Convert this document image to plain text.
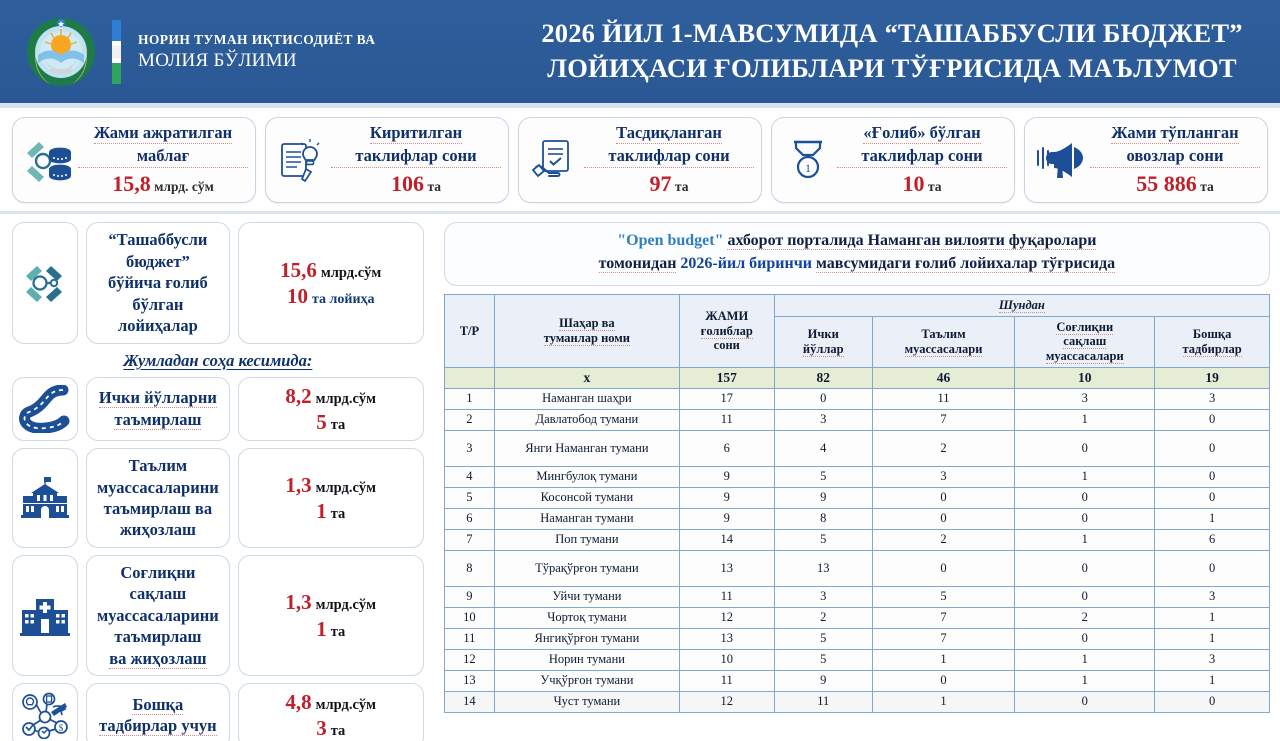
НОРИН ТУМАН ИҚТИСОДИЁТ ВА
МОЛИЯ БЎЛИМИ
2026 ЙИЛ 1-МАВСУМИДА “ТАШАББУСЛИ БЮДЖЕТ”
ЛОЙИҲАСИ ҒОЛИБЛАРИ ТЎҒРИСИДА МАЪЛУМОТ
Жами ажратилган
маблағ
15,8 млрд. сўм
Киритилган
таклифлар сони
106 та
Тасдиқланган
таклифлар сони
97 та
1
«Ғолиб» бўлган
таклифлар сони
10 та
Жами тўпланган
овозлар сони
55 886 та
“Ташаббусли бюджет”
бўйича ғолиб бўлган лойиҳалар
15,6 млрд.сўм
10 та лойиҳа
Жумладан соҳа кесимида:
Ички йўлларни таъмирлаш
8,2 млрд.сўм
5 та
Таълим муассасаларини
таъмирлаш ва жиҳозлаш
1,3 млрд.сўм
1 та
Соғлиқни сақлаш
муассасаларини таъмирлаш
ва жиҳозлаш
1,3 млрд.сўм
1 та
$
Бошқа тадбирлар учун
4,8 млрд.сўм
3 та
"Open budget" ахборот порталида Наманган вилояти фуқаролари
томонидан 2026-йил биринчи мавсумидаги ғолиб лойихалар тўғрисида
Т/Р	Шаҳар ва
туманлар номи	ЖАМИ
ғолиблар
сони	Шундан			
			Ички
йўллар	Таълим
муассасалари	Соғлиқни
сақлаш
муассасалари	Бошқа
тадбирлар
	x	157	82	46	10	19
1	Наманган шаҳри	17	0	11	3	3
2	Давлатобод тумани	11	3	7	1	0
3	Янги Наманган тумани	6	4	2	0	0
4	Мингбулоқ тумани	9	5	3	1	0
5	Косонсой тумани	9	9	0	0	0
6	Наманган тумани	9	8	0	0	1
7	Поп тумани	14	5	2	1	6
8	Тўрақўрғон тумани	13	13	0	0	0
9	Уйчи тумани	11	3	5	0	3
10	Чортоқ тумани	12	2	7	2	1
11	Янгиқўрғон тумани	13	5	7	0	1
12	Норин тумани	10	5	1	1	3
13	Учқўрғон тумани	11	9	0	1	1
14	Чуст тумани	12	11	1	0	0
